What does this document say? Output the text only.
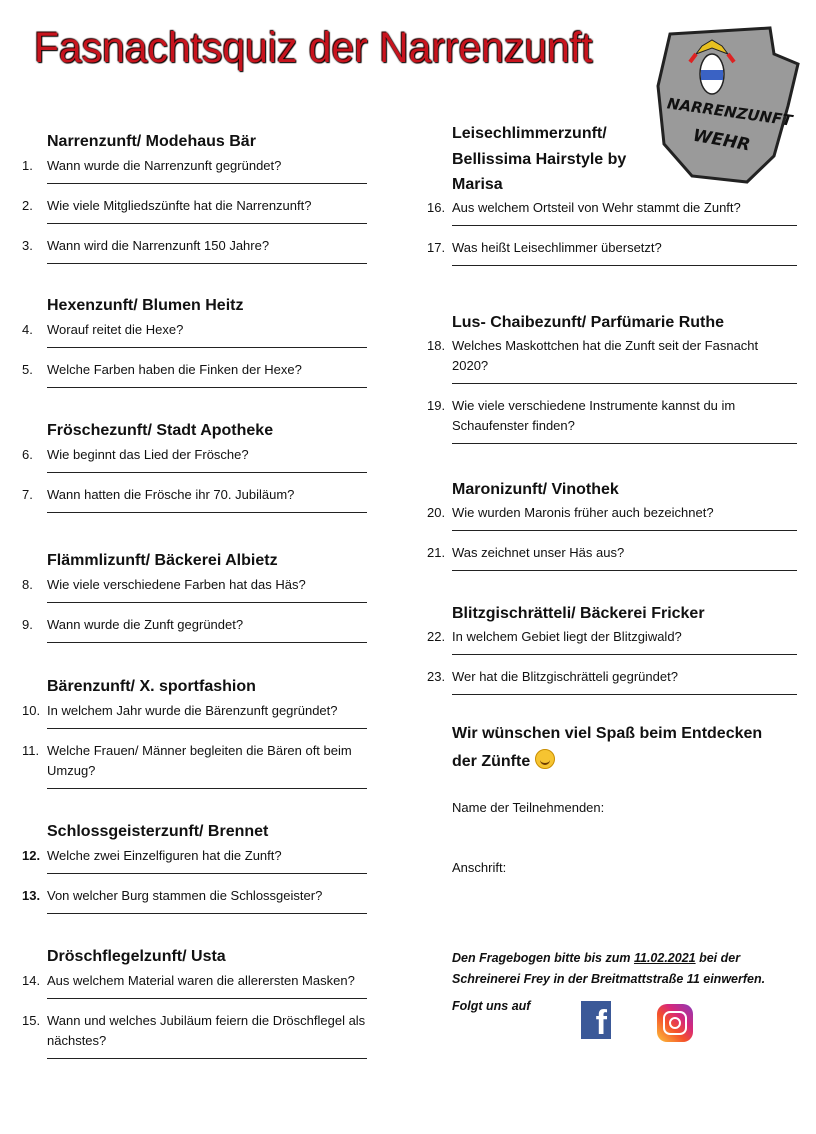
Fasnachtsquiz der Narrenzunft
NARRENZUNFT
WEHR
Narrenzunft/ Modehaus Bär
1. Wann wurde die Narrenzunft gegründet?
2. Wie viele Mitgliedszünfte hat die Narrenzunft?
3. Wann wird die Narrenzunft 150 Jahre?
Hexenzunft/ Blumen Heitz
4. Worauf reitet die Hexe?
5. Welche Farben haben die Finken der Hexe?
Fröschezunft/ Stadt Apotheke
6. Wie beginnt das Lied der Frösche?
7. Wann hatten die Frösche ihr 70. Jubiläum?
Flämmlizunft/ Bäckerei Albietz
8. Wie viele verschiedene Farben hat das Häs?
9. Wann wurde die Zunft gegründet?
Bärenzunft/ X. sportfashion
10. In welchem Jahr wurde die Bärenzunft gegründet?
11. Welche Frauen/ Männer begleiten die Bären oft beim Umzug?
Schlossgeisterzunft/ Brennet
12. Welche zwei Einzelfiguren hat die Zunft?
13. Von welcher Burg stammen die Schlossgeister?
Dröschflegelzunft/ Usta
14. Aus welchem Material waren die allerersten Masken?
15. Wann und welches Jubiläum feiern die Dröschflegel als nächstes?
Leisechlimmerzunft/ Bellissima Hairstyle by Marisa
16. Aus welchem Ortsteil von Wehr stammt die Zunft?
17. Was heißt Leisechlimmer übersetzt?
Lus- Chaibezunft/ Parfümarie Ruthe
18. Welches Maskottchen hat die Zunft seit der Fasnacht 2020?
19. Wie viele verschiedene Instrumente kannst du im Schaufenster finden?
Maronizunft/ Vinothek
20. Wie wurden Maronis früher auch bezeichnet?
21. Was zeichnet unser Häs aus?
Blitzgischrätteli/ Bäckerei Fricker
22. In welchem Gebiet liegt der Blitzgiwald?
23. Wer hat die Blitzgischrätteli gegründet?
Wir wünschen viel Spaß beim Entdecken der Zünfte
Name der Teilnehmenden:
Anschrift:
Den Fragebogen bitte bis zum 11.02.2021 bei der Schreinerei Frey in der Breitmattstraße 11 einwerfen.
Folgt uns auf	f
